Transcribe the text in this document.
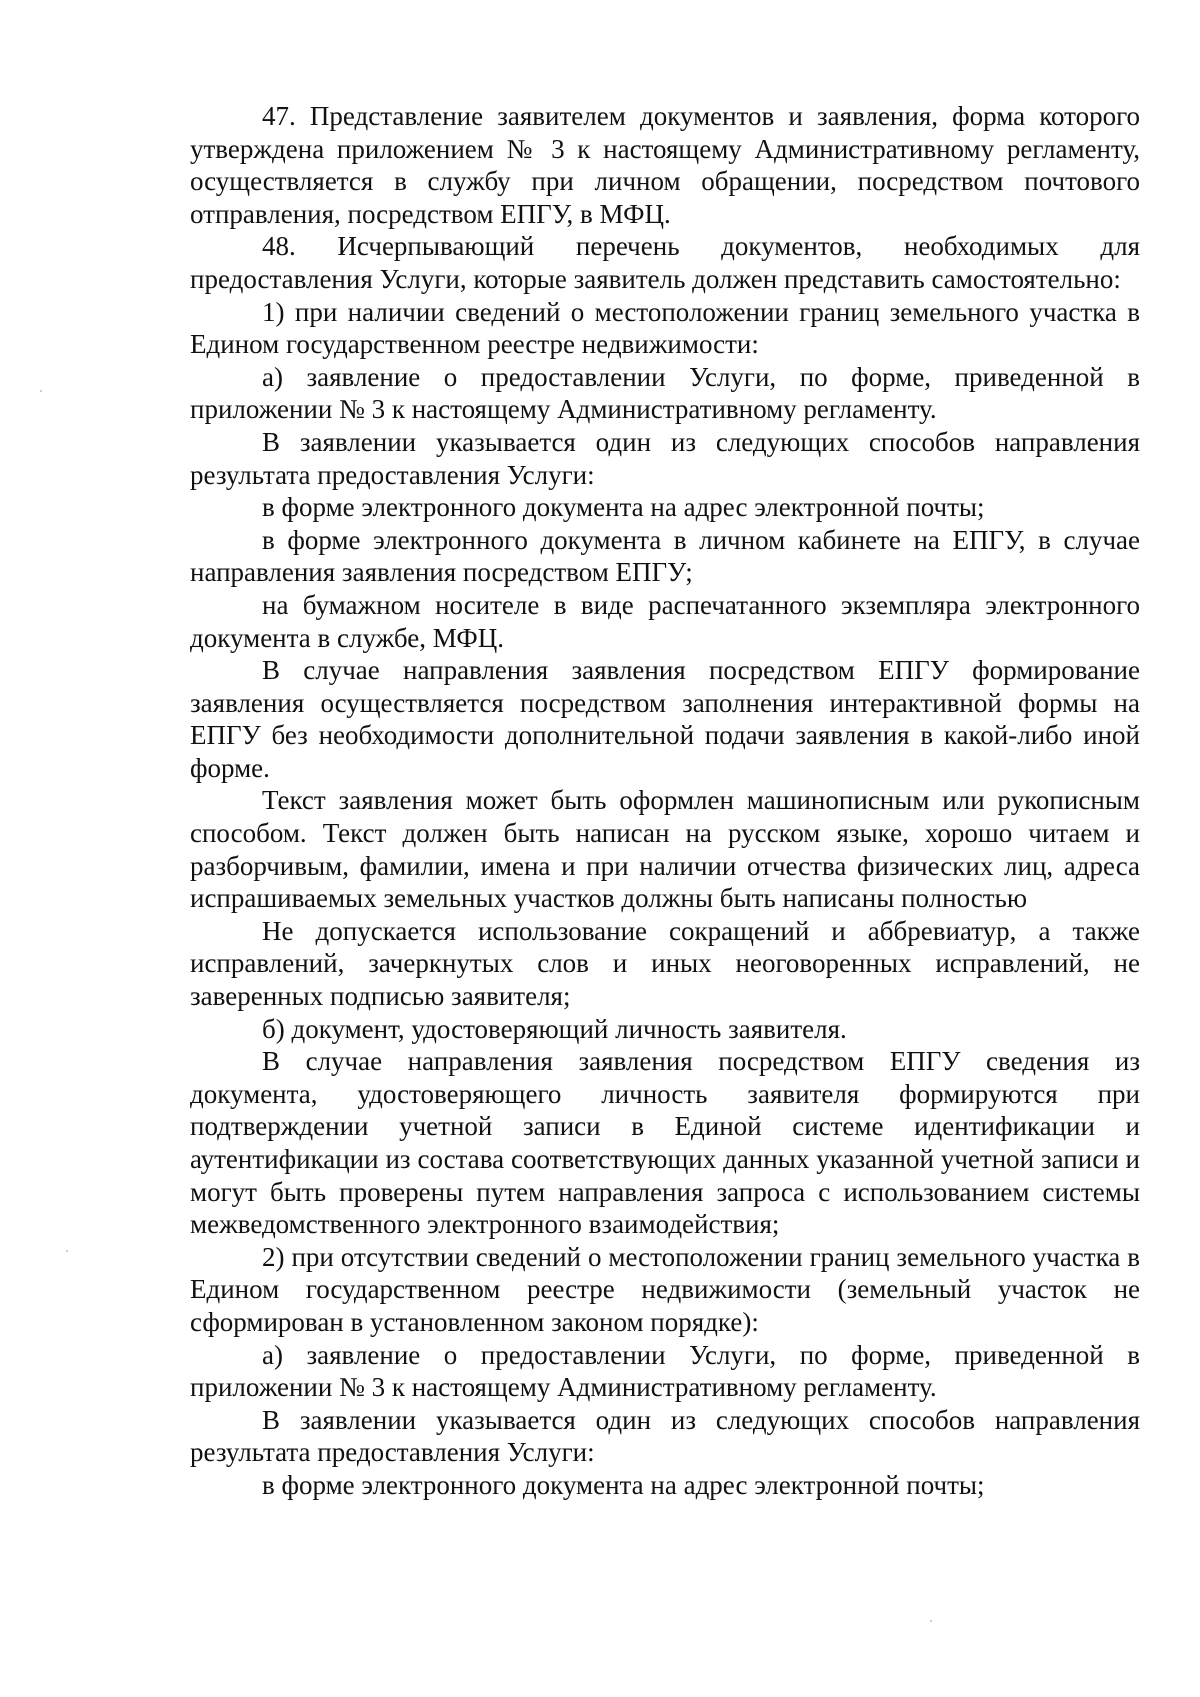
47. Представление заявителем документов и заявления, форма которого утверждена приложением № 3 к настоящему Административному регламенту, осуществляется в службу при личном обращении, посредством почтового отправления, посредством ЕПГУ, в МФЦ.

48. Исчерпывающий перечень документов, необходимых для предоставления Услуги, которые заявитель должен представить самостоятельно:

1) при наличии сведений о местоположении границ земельного участка в Едином государственном реестре недвижимости:

а) заявление о предоставлении Услуги, по форме, приведенной в приложении № 3 к настоящему Административному регламенту.

В заявлении указывается один из следующих способов направления результата предоставления Услуги:

в форме электронного документа на адрес электронной почты;

в форме электронного документа в личном кабинете на ЕПГУ, в случае направления заявления посредством ЕПГУ;

на бумажном носителе в виде распечатанного экземпляра электронного документа в службе, МФЦ.

В случае направления заявления посредством ЕПГУ формирование заявления осуществляется посредством заполнения интерактивной формы на ЕПГУ без необходимости дополнительной подачи заявления в какой-либо иной форме.

Текст заявления может быть оформлен машинописным или рукописным способом. Текст должен быть написан на русском языке, хорошо читаем и разборчивым, фамилии, имена и при наличии отчества физических лиц, адреса испрашиваемых земельных участков должны быть написаны полностью

Не допускается использование сокращений и аббревиатур, а также исправлений, зачеркнутых слов и иных неоговоренных исправлений, не заверенных подписью заявителя;

б) документ, удостоверяющий личность заявителя.

В случае направления заявления посредством ЕПГУ сведения из документа, удостоверяющего личность заявителя формируются при подтверждении учетной записи в Единой системе идентификации и аутентификации из состава соответствующих данных указанной учетной записи и могут быть проверены путем направления запроса с использованием системы межведомственного электронного взаимодействия;

2) при отсутствии сведений о местоположении границ земельного участка в Едином государственном реестре недвижимости (земельный участок не сформирован в установленном законом порядке):

а) заявление о предоставлении Услуги, по форме, приведенной в приложении № 3 к настоящему Административному регламенту.

В заявлении указывается один из следующих способов направления результата предоставления Услуги:

в форме электронного документа на адрес электронной почты;
